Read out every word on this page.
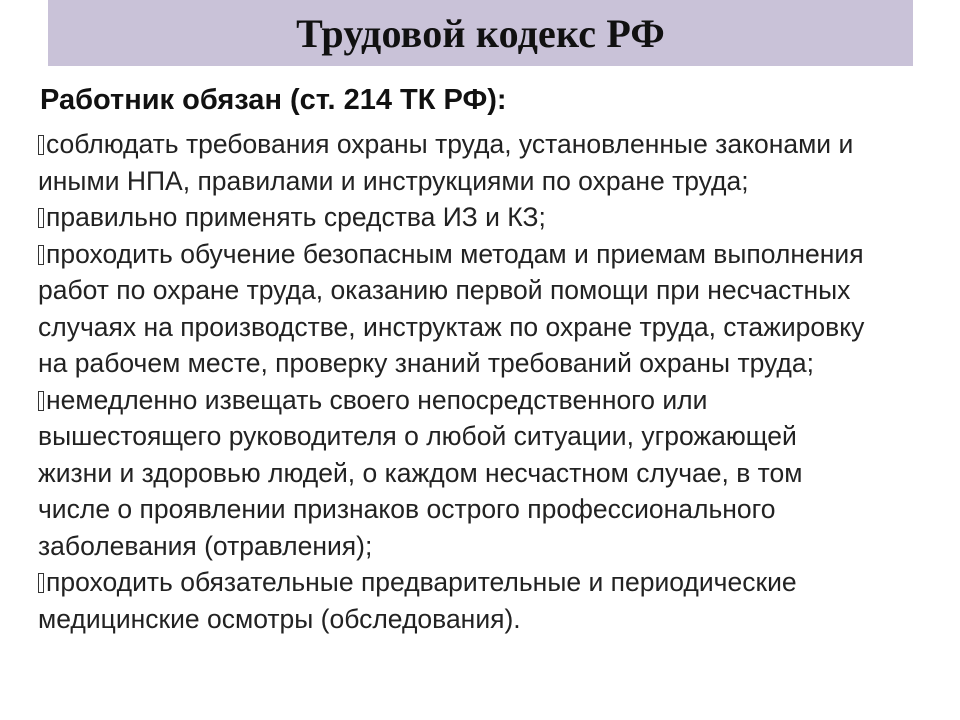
Трудовой кодекс РФ
Работник обязан (ст. 214 ТК РФ):
соблюдать требования охраны труда, установленные законами и
иными НПА, правилами и инструкциями по охране труда;
правильно применять средства ИЗ и КЗ;
проходить обучение безопасным методам и приемам выполнения
работ по охране труда, оказанию первой помощи при несчастных
случаях на производстве, инструктаж по охране труда, стажировку
на рабочем месте, проверку знаний требований охраны труда;
немедленно извещать своего непосредственного или
вышестоящего руководителя о любой ситуации, угрожающей
жизни и здоровью людей, о каждом несчастном случае, в том
числе о проявлении признаков острого профессионального
заболевания (отравления);
проходить обязательные предварительные и периодические
медицинские осмотры (обследования).
